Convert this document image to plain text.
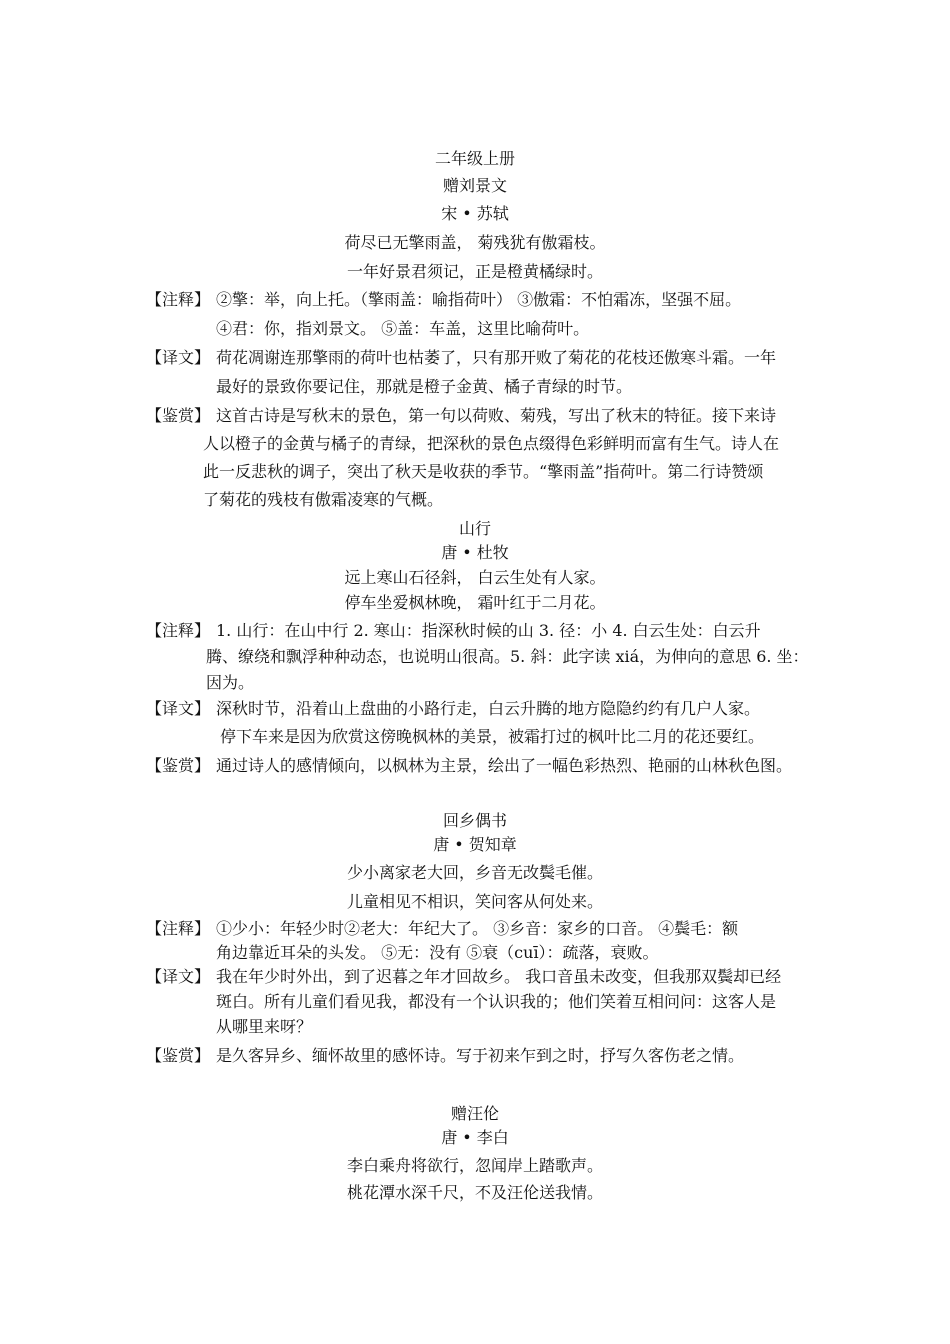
二年级上册
赠刘景文
宋 • 苏轼
荷尽已无擎雨盖， 菊残犹有傲霜枝。
一年好景君须记，正是橙黄橘绿时。
【注释】 ②擎：举，向上托。（擎雨盖：喻指荷叶） ③傲霜：不怕霜冻，坚强不屈。
④君：你，指刘景文。 ⑤盖：车盖，这里比喻荷叶。
【译文】 荷花凋谢连那擎雨的荷叶也枯萎了，只有那开败了菊花的花枝还傲寒斗霜。一年
最好的景致你要记住，那就是橙子金黄、橘子青绿的时节。
【鉴赏】 这首古诗是写秋末的景色，第一句以荷败、菊残，写出了秋末的特征。接下来诗
人以橙子的金黄与橘子的青绿，把深秋的景色点缀得色彩鲜明而富有生气。诗人在
此一反悲秋的调子，突出了秋天是收获的季节。“擎雨盖”指荷叶。第二行诗赞颂
了菊花的残枝有傲霜凌寒的气概。
山行
唐 • 杜牧
远上寒山石径斜， 白云生处有人家。
停车坐爱枫林晚， 霜叶红于二月花。
【注释】 1. 山行：在山中行 2. 寒山：指深秋时候的山 3. 径：小 4. 白云生处：白云升
腾、缭绕和飘浮种种动态，也说明山很高。5. 斜：此字读 xiá，为伸向的意思 6. 坐：
因为。
【译文】 深秋时节，沿着山上盘曲的小路行走，白云升腾的地方隐隐约约有几户人家。
停下车来是因为欣赏这傍晚枫林的美景，被霜打过的枫叶比二月的花还要红。
【鉴赏】 通过诗人的感情倾向，以枫林为主景，绘出了一幅色彩热烈、艳丽的山林秋色图。
回乡偶书
唐 • 贺知章
少小离家老大回，乡音无改鬓毛催。
儿童相见不相识，笑问客从何处来。
【注释】 ①少小：年轻少时②老大：年纪大了。 ③乡音：家乡的口音。 ④鬓毛：额
角边靠近耳朵的头发。 ⑤无：没有 ⑤衰（cuī）：疏落，衰败。
【译文】 我在年少时外出，到了迟暮之年才回故乡。 我口音虽未改变，但我那双鬓却已经
斑白。所有儿童们看见我，都没有一个认识我的；他们笑着互相问问：这客人是
从哪里来呀？
【鉴赏】 是久客异乡、缅怀故里的感怀诗。写于初来乍到之时，抒写久客伤老之情。
赠汪伦
唐 • 李白
李白乘舟将欲行，忽闻岸上踏歌声。
桃花潭水深千尺，不及汪伦送我情。
